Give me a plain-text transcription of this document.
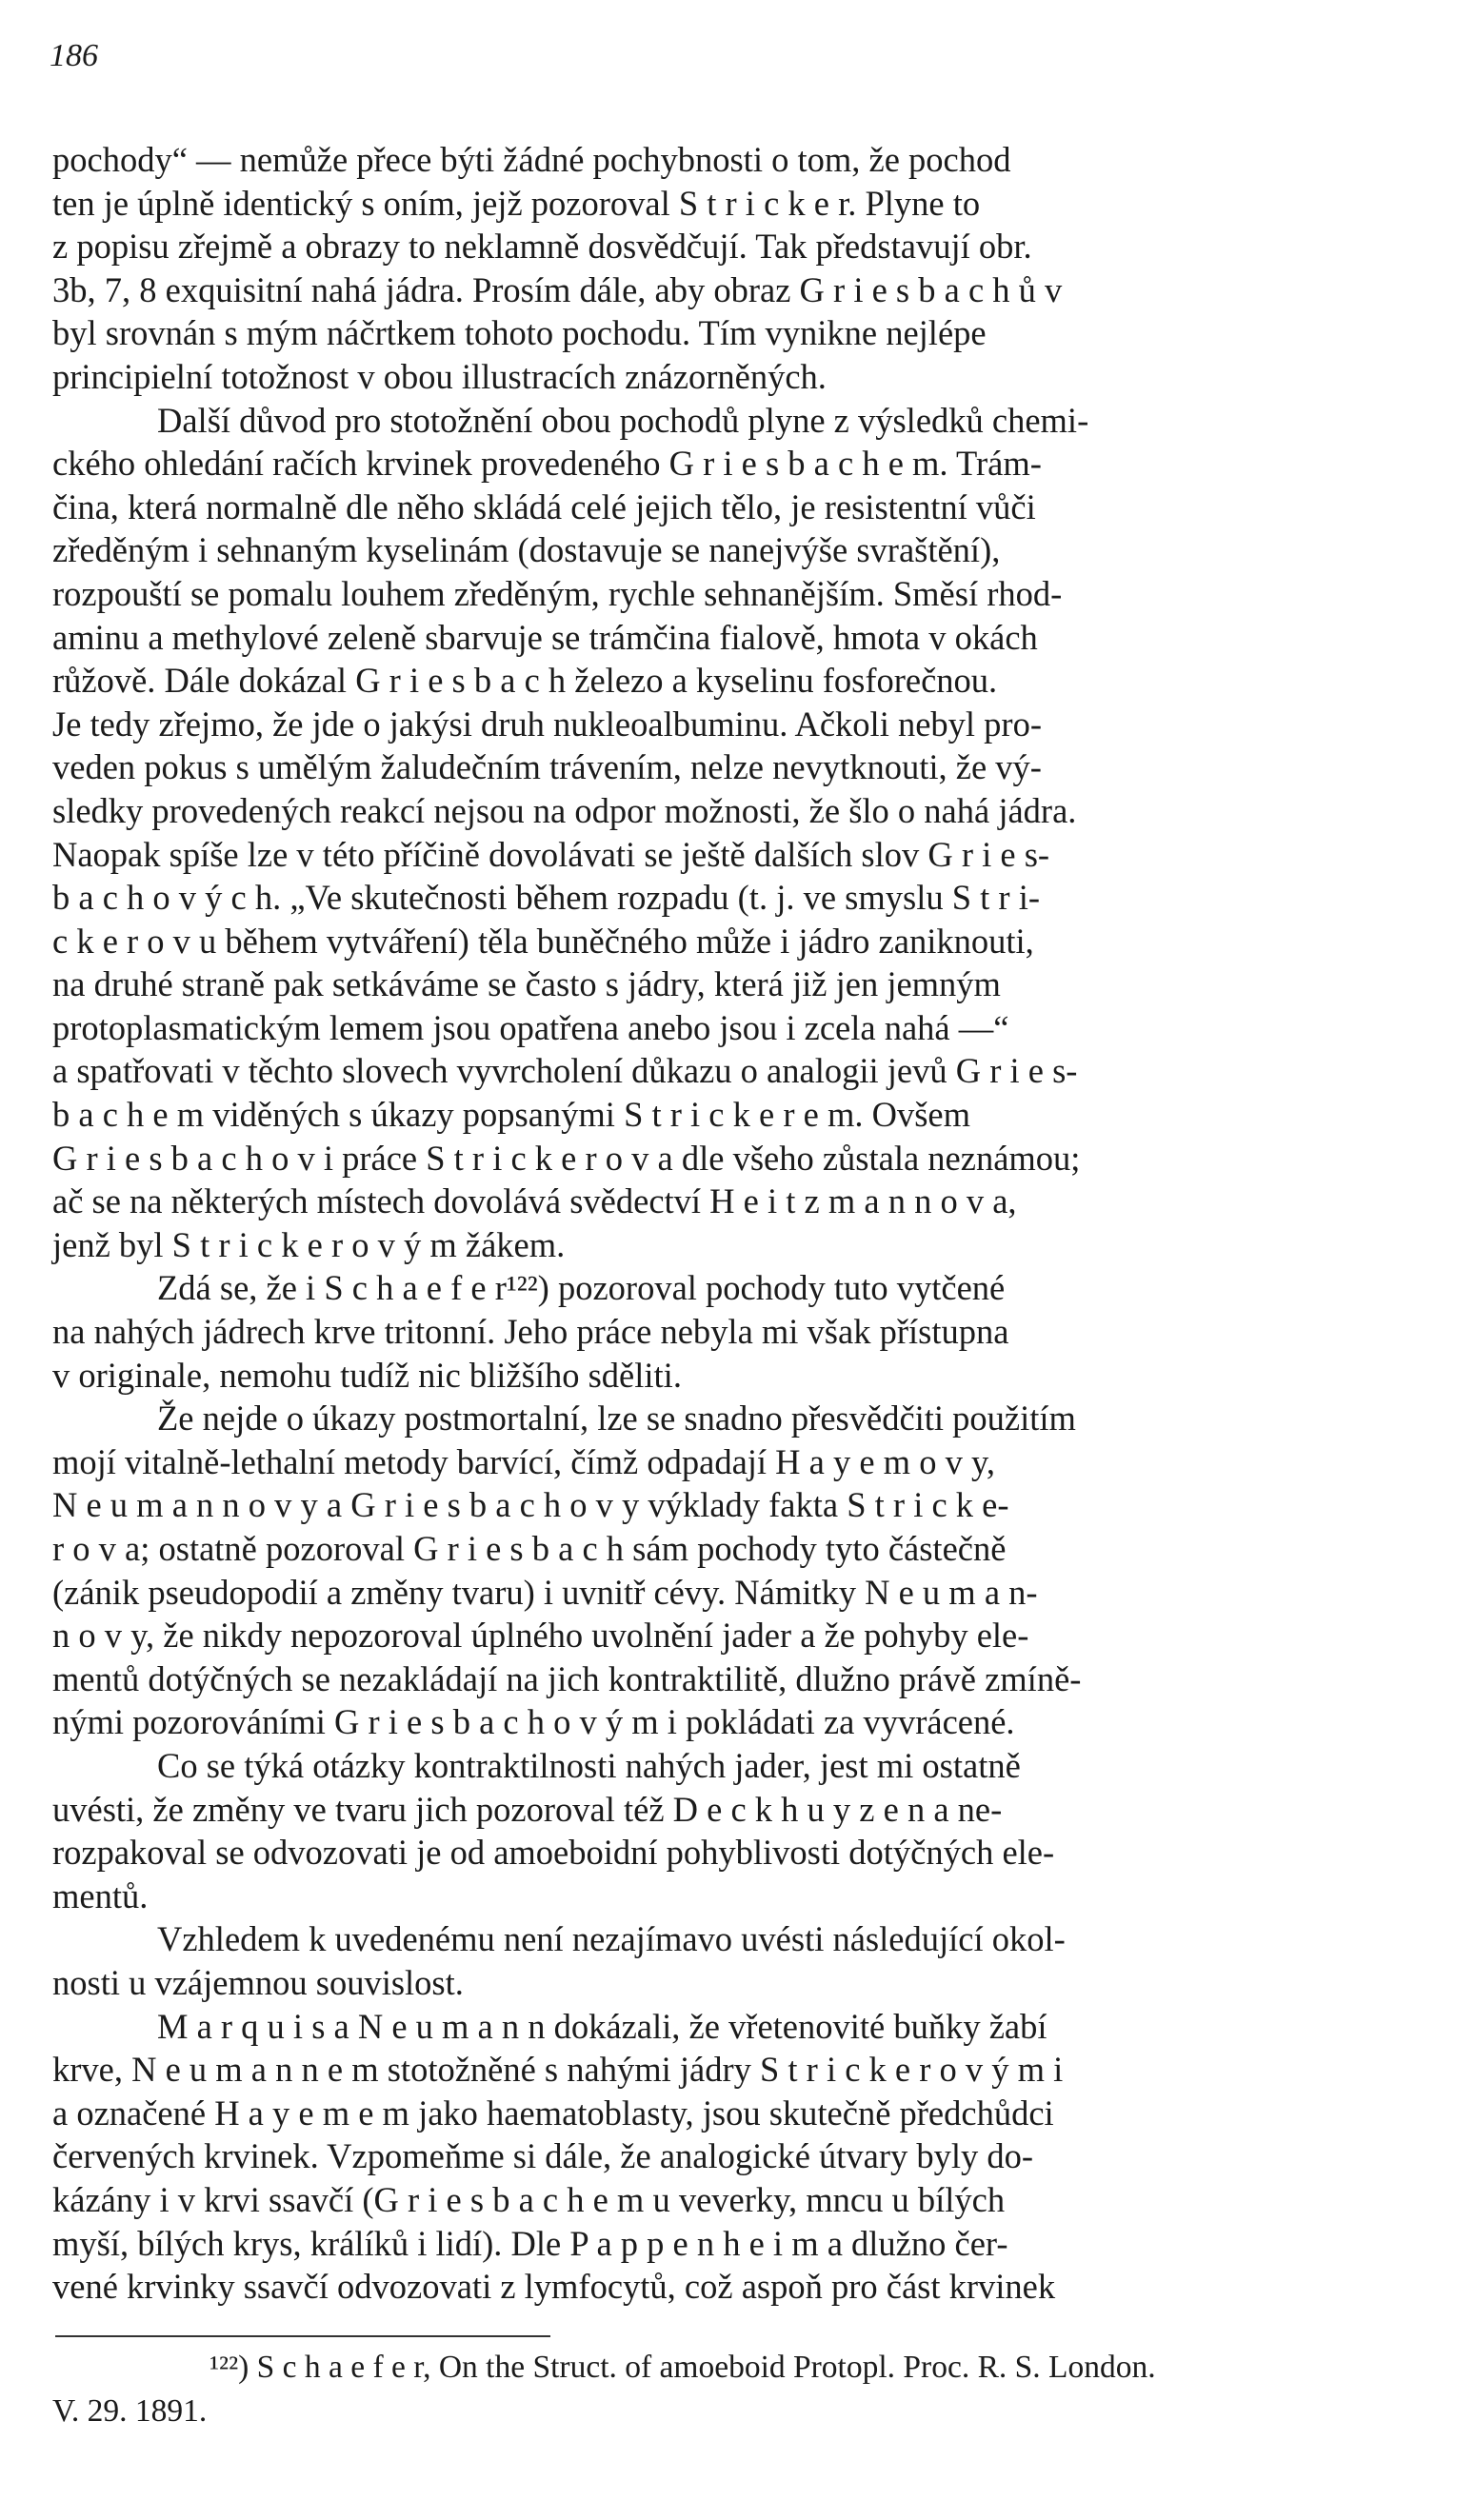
186
pochody“ — nemůže přece býti žádné pochybnosti o tom, že pochod
ten je úplně identický s oním, jejž pozoroval S t r i c k e r. Plyne to
z popisu zřejmě a obrazy to neklamně dosvědčují. Tak představují obr.
3b, 7, 8 exquisitní nahá jádra. Prosím dále, aby obraz G r i e s b a c h ů v
byl srovnán s mým náčrtkem tohoto pochodu. Tím vynikne nejlépe
principielní totožnost v obou illustracích znázorněných.
Další důvod pro stotožnění obou pochodů plyne z výsledků chemi-
ckého ohledání račích krvinek provedeného G r i e s b a c h e m. Trám-
čina, která normalně dle něho skládá celé jejich tělo, je resistentní vůči
zředěným i sehnaným kyselinám (dostavuje se nanejvýše svraštění),
rozpouští se pomalu louhem zředěným, rychle sehnanějším. Směsí rhod-
aminu a methylové zeleně sbarvuje se trámčina fialově, hmota v okách
růžově. Dále dokázal G r i e s b a c h železo a kyselinu fosforečnou.
Je tedy zřejmo, že jde o jakýsi druh nukleoalbuminu. Ačkoli nebyl pro-
veden pokus s umělým žaludečním trávením, nelze nevytknouti, že vý-
sledky provedených reakcí nejsou na odpor možnosti, že šlo o nahá jádra.
Naopak spíše lze v této příčině dovolávati se ještě dalších slov G r i e s-
b a c h o v ý c h. „Ve skutečnosti během rozpadu (t. j. ve smyslu S t r i-
c k e r o v u během vytváření) těla buněčného může i jádro zaniknouti,
na druhé straně pak setkáváme se často s jádry, která již jen jemným
protoplasmatickým lemem jsou opatřena anebo jsou i zcela nahá —“
a spatřovati v těchto slovech vyvrcholení důkazu o analogii jevů G r i e s-
b a c h e m viděných s úkazy popsanými S t r i c k e r e m. Ovšem
G r i e s b a c h o v i práce S t r i c k e r o v a dle všeho zůstala neznámou;
ač se na některých místech dovolává svědectví H e i t z m a n n o v a,
jenž byl S t r i c k e r o v ý m žákem.
Zdá se, že i S c h a e f e r¹²²) pozoroval pochody tuto vytčené
na nahých jádrech krve tritonní. Jeho práce nebyla mi však přístupna
v originale, nemohu tudíž nic bližšího sděliti.
Že nejde o úkazy postmortalní, lze se snadno přesvědčiti použitím
mojí vitalně-lethalní metody barvící, čímž odpadají H a y e m o v y,
N e u m a n n o v y a G r i e s b a c h o v y výklady fakta S t r i c k e-
r o v a; ostatně pozoroval G r i e s b a c h sám pochody tyto částečně
(zánik pseudopodií a změny tvaru) i uvnitř cévy. Námitky N e u m a n-
n o v y, že nikdy nepozoroval úplného uvolnění jader a že pohyby ele-
mentů dotýčných se nezakládají na jich kontraktilitě, dlužno právě zmíně-
nými pozorováními G r i e s b a c h o v ý m i pokládati za vyvrácené.
Co se týká otázky kontraktilnosti nahých jader, jest mi ostatně
uvésti, že změny ve tvaru jich pozoroval též D e c k h u y z e n a ne-
rozpakoval se odvozovati je od amoeboidní pohyblivosti dotýčných ele-
mentů.
Vzhledem k uvedenému není nezajímavo uvésti následující okol-
nosti u vzájemnou souvislost.
M a r q u i s a N e u m a n n dokázali, že vřetenovité buňky žabí
krve, N e u m a n n e m stotožněné s nahými jádry S t r i c k e r o v ý m i
a označené H a y e m e m jako haematoblasty, jsou skutečně předchůdci
červených krvinek. Vzpomeňme si dále, že analogické útvary byly do-
kázány i v krvi ssavčí (G r i e s b a c h e m u veverky, mncu u bílých
myší, bílých krys, králíků i lidí). Dle P a p p e n h e i m a dlužno čer-
vené krvinky ssavčí odvozovati z lymfocytů, což aspoň pro část krvinek
¹²²) S c h a e f e r, On the Struct. of amoeboid Protopl. Proc. R. S. London.
V. 29. 1891.
